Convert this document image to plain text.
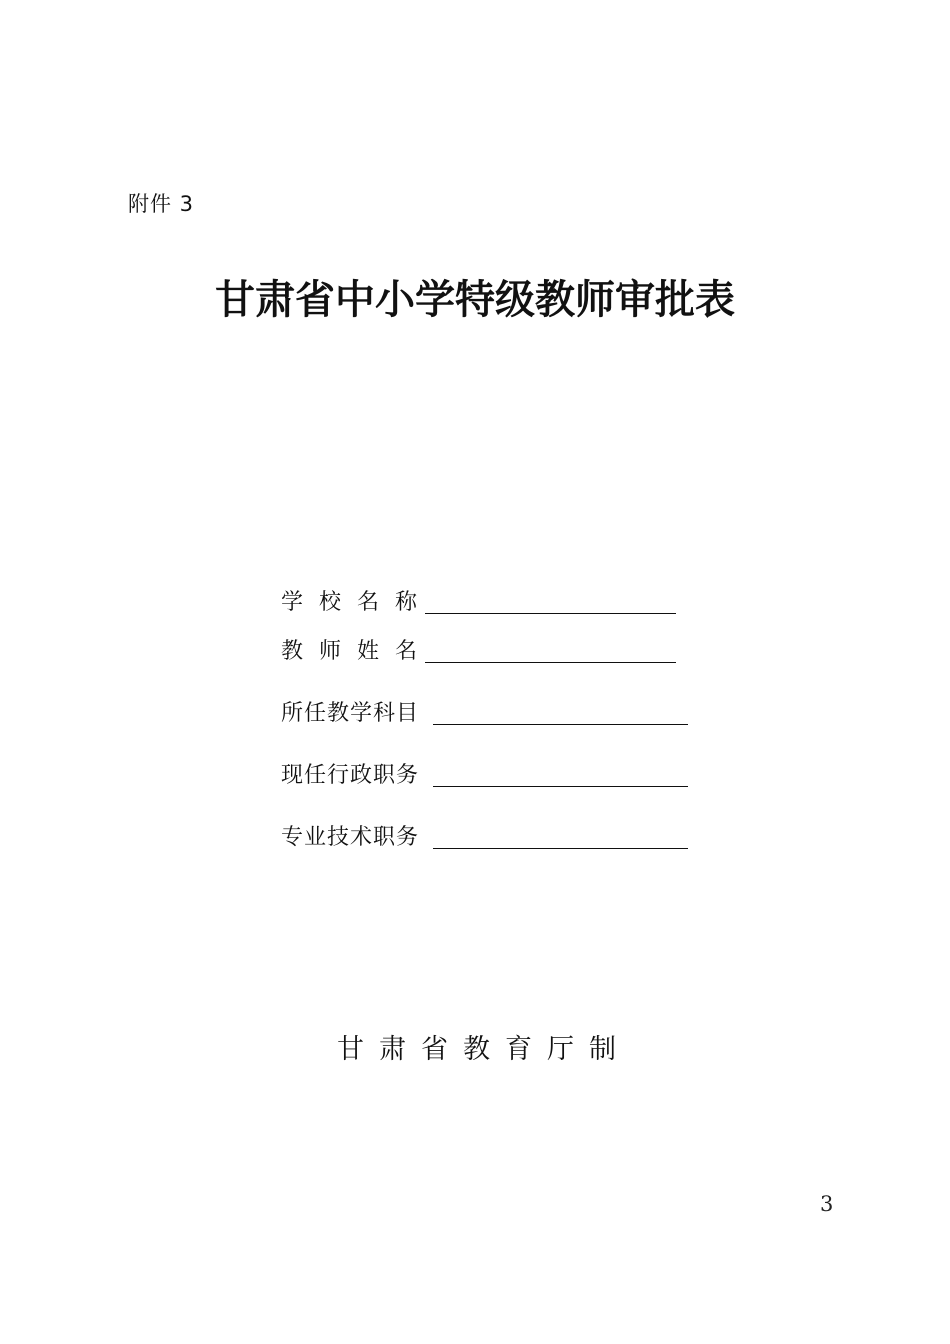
附件 3
甘肃省中小学特级教师审批表
学校名称
教师姓名
所任教学科目
现任行政职务
专业技术职务
甘肃省教育厅制
3
